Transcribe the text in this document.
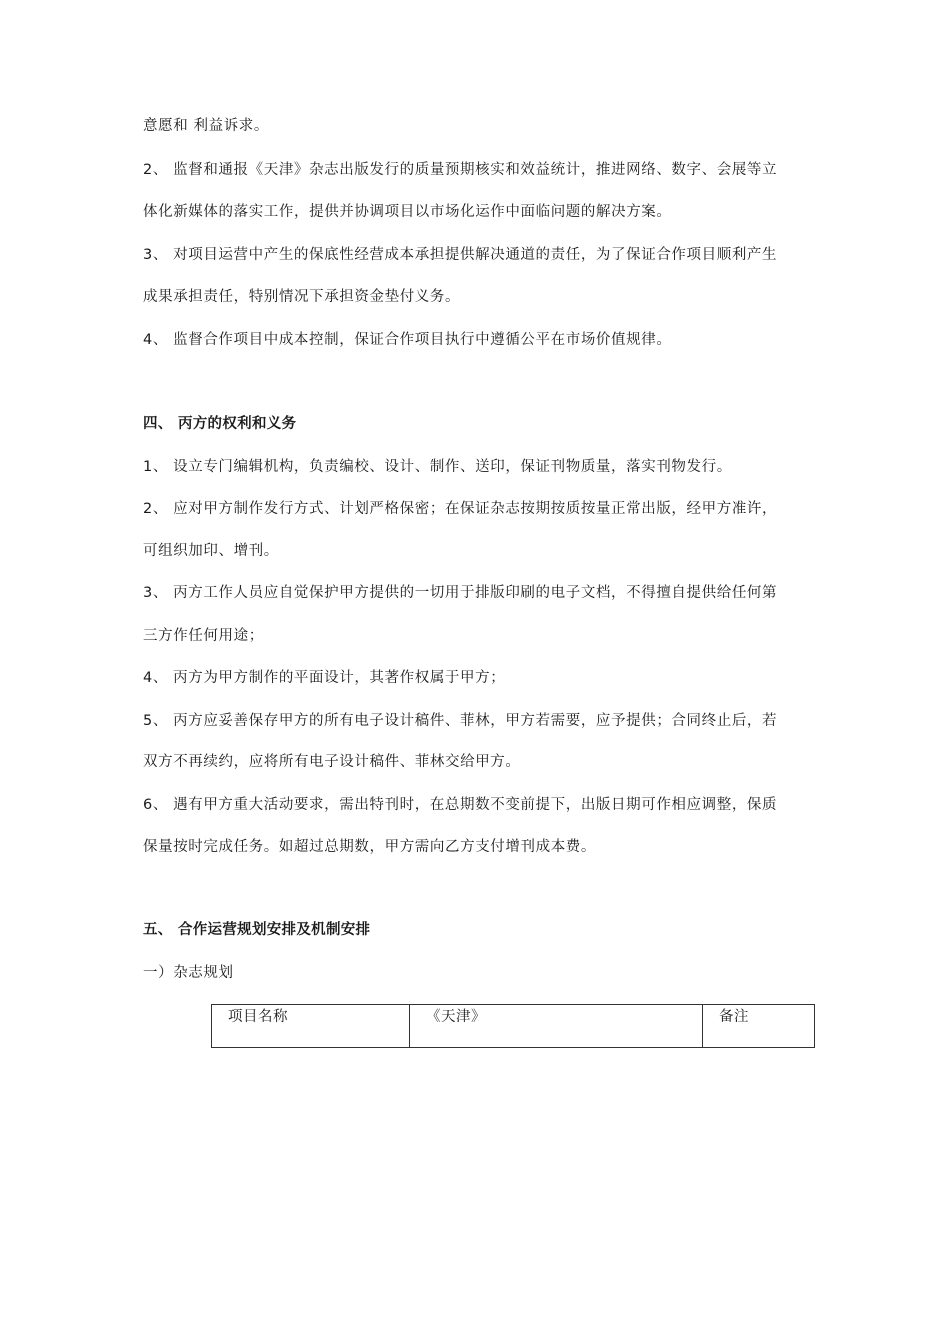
意愿和 利益诉求。

2、 监督和通报《天津》杂志出版发行的质量预期核实和效益统计，推进网络、数字、会展等立

体化新媒体的落实工作，提供并协调项目以市场化运作中面临问题的解决方案。

3、 对项目运营中产生的保底性经营成本承担提供解决通道的责任，为了保证合作项目顺利产生

成果承担责任，特别情况下承担资金垫付义务。

4、 监督合作项目中成本控制，保证合作项目执行中遵循公平在市场价值规律。

四、 丙方的权利和义务

1、 设立专门编辑机构，负责编校、设计、制作、送印，保证刊物质量，落实刊物发行。

2、 应对甲方制作发行方式、计划严格保密；在保证杂志按期按质按量正常出版，经甲方准许，

可组织加印、增刊。

3、 丙方工作人员应自觉保护甲方提供的一切用于排版印刷的电子文档，不得擅自提供给任何第

三方作任何用途；

4、 丙方为甲方制作的平面设计，其著作权属于甲方；

5、 丙方应妥善保存甲方的所有电子设计稿件、菲林，甲方若需要，应予提供；合同终止后，若

双方不再续约，应将所有电子设计稿件、菲林交给甲方。

6、 遇有甲方重大活动要求，需出特刊时，在总期数不变前提下，出版日期可作相应调整，保质

保量按时完成任务。如超过总期数，甲方需向乙方支付增刊成本费。

五、 合作运营规划安排及机制安排

一）杂志规划

项目名称	《天津》	备注
